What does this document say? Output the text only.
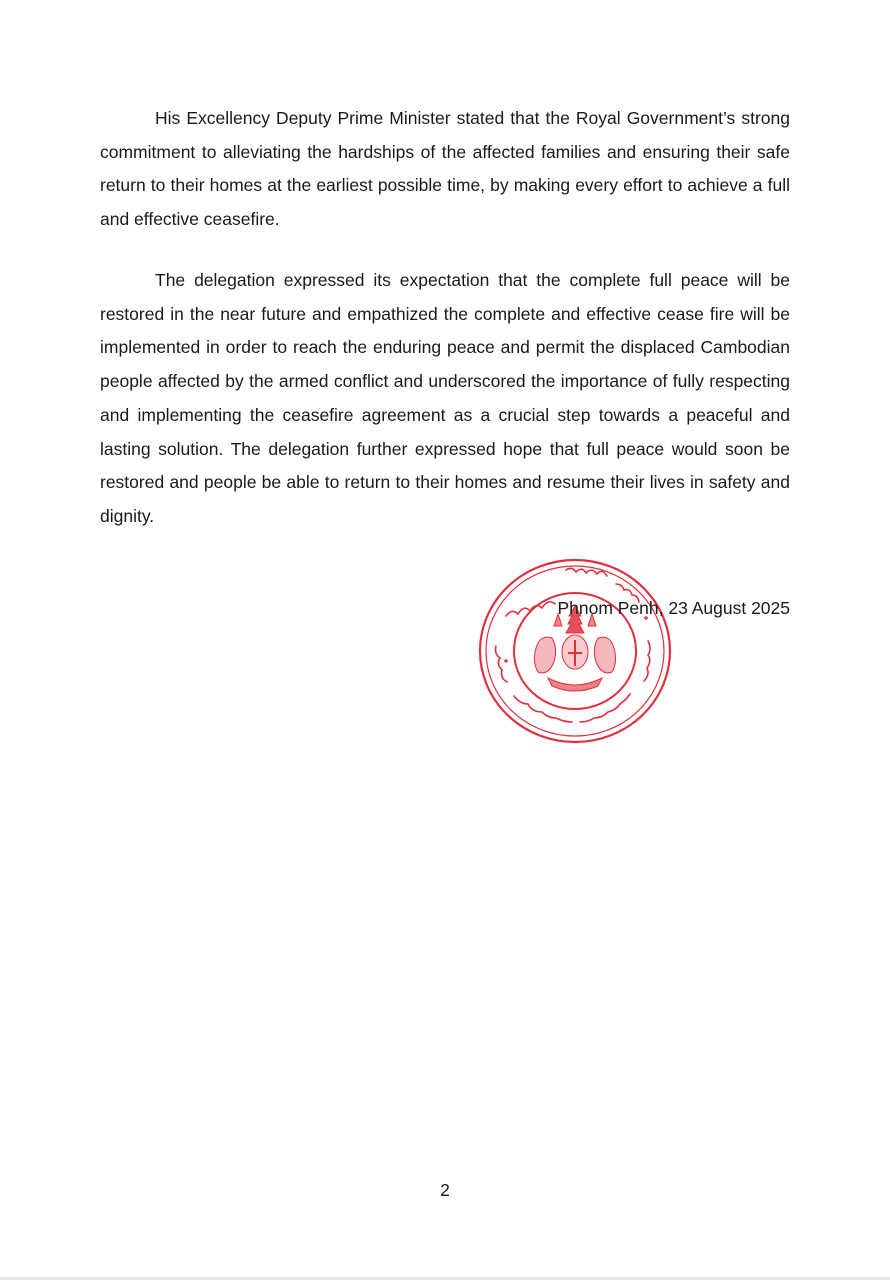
His Excellency Deputy Prime Minister stated that the Royal Government’s strong commitment to alleviating the hardships of the affected families and ensuring their safe return to their homes at the earliest possible time, by making every effort to achieve a full and effective ceasefire.

The delegation expressed its expectation that the complete full peace will be restored in the near future and empathized the complete and effective cease fire will be implemented in order to reach the enduring peace and permit the displaced Cambodian people affected by the armed conflict and underscored the importance of fully respecting and implementing the ceasefire agreement as a crucial step towards a peaceful and lasting solution. The delegation further expressed hope that full peace would soon be restored and people be able to return to their homes and resume their lives in safety and dignity.

Phnom Penh, 23 August 2025
2
